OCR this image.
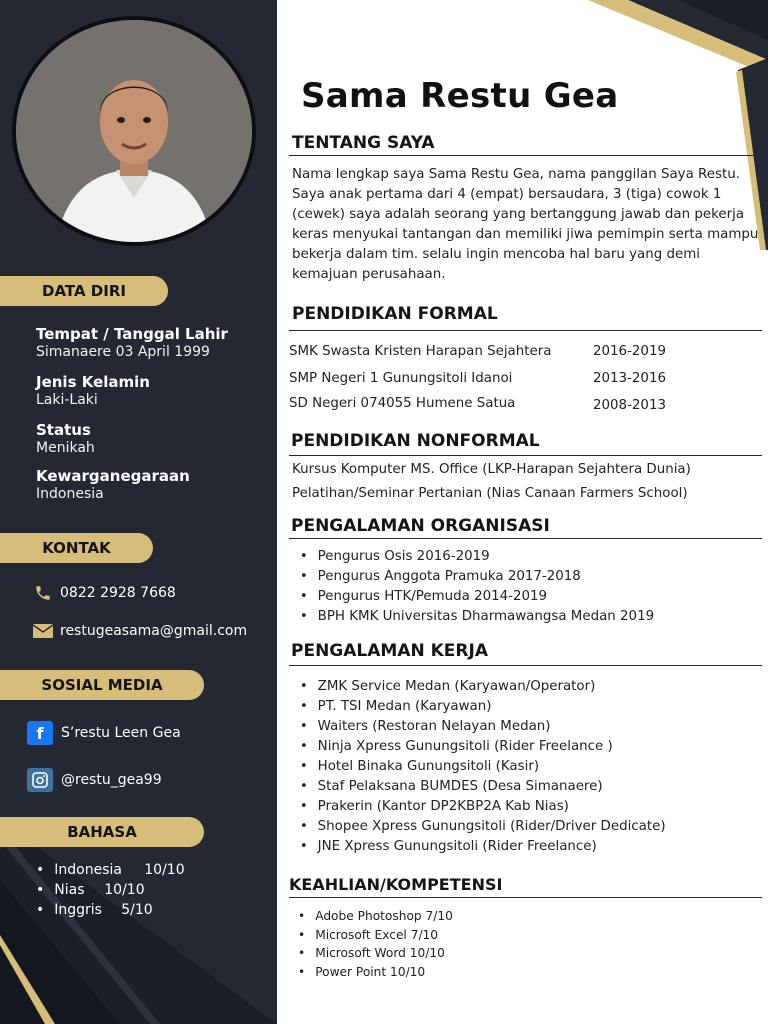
DATA DIRI
Tempat / Tanggal Lahir
Simanaere 03 April 1999
Jenis Kelamin
Laki-Laki
Status
Menikah
Kewarganegaraan
Indonesia
KONTAK
0822 2928 7668
restugeasama@gmail.com
SOSIAL MEDIA
f	S’restu Leen Gea
@restu_gea99
BAHASA
• Indonesia	10/10
• Nias	10/10
• Inggris	5/10
Sama Restu Gea
TENTANG SAYA
Nama lengkap saya Sama Restu Gea, nama panggilan Saya Restu. Saya anak pertama dari 4 (empat) bersaudara, 3 (tiga) cowok 1 (cewek) saya adalah seorang yang bertanggung jawab dan pekerja keras menyukai tantangan dan memiliki jiwa pemimpin serta mampu bekerja dalam tim. selalu ingin mencoba hal baru yang demi kemajuan perusahaan.
PENDIDIKAN FORMAL
SMK Swasta Kristen Harapan Sejahtera	2016-2019
SMP Negeri 1 Gunungsitoli Idanoi	2013-2016
SD Negeri 074055 Humene Satua	2008-2013
PENDIDIKAN NONFORMAL
Kursus Komputer MS. Office (LKP-Harapan Sejahtera Dunia)
Pelatihan/Seminar Pertanian (Nias Canaan Farmers School)
PENGALAMAN ORGANISASI
• Pengurus Osis 2016-2019
• Pengurus Anggota Pramuka 2017-2018
• Pengurus HTK/Pemuda 2014-2019
• BPH KMK Universitas Dharmawangsa Medan 2019
PENGALAMAN KERJA
• ZMK Service Medan (Karyawan/Operator)
• PT. TSI Medan (Karyawan)
• Waiters (Restoran Nelayan Medan)
• Ninja Xpress Gunungsitoli (Rider Freelance )
• Hotel Binaka Gunungsitoli (Kasir)
• Staf Pelaksana BUMDES (Desa Simanaere)
• Prakerin (Kantor DP2KBP2A Kab Nias)
• Shopee Xpress Gunungsitoli (Rider/Driver Dedicate)
• JNE Xpress Gunungsitoli (Rider Freelance)
KEAHLIAN/KOMPETENSI
• Adobe Photoshop 7/10
• Microsoft Excel 7/10
• Microsoft Word 10/10
• Power Point 10/10
